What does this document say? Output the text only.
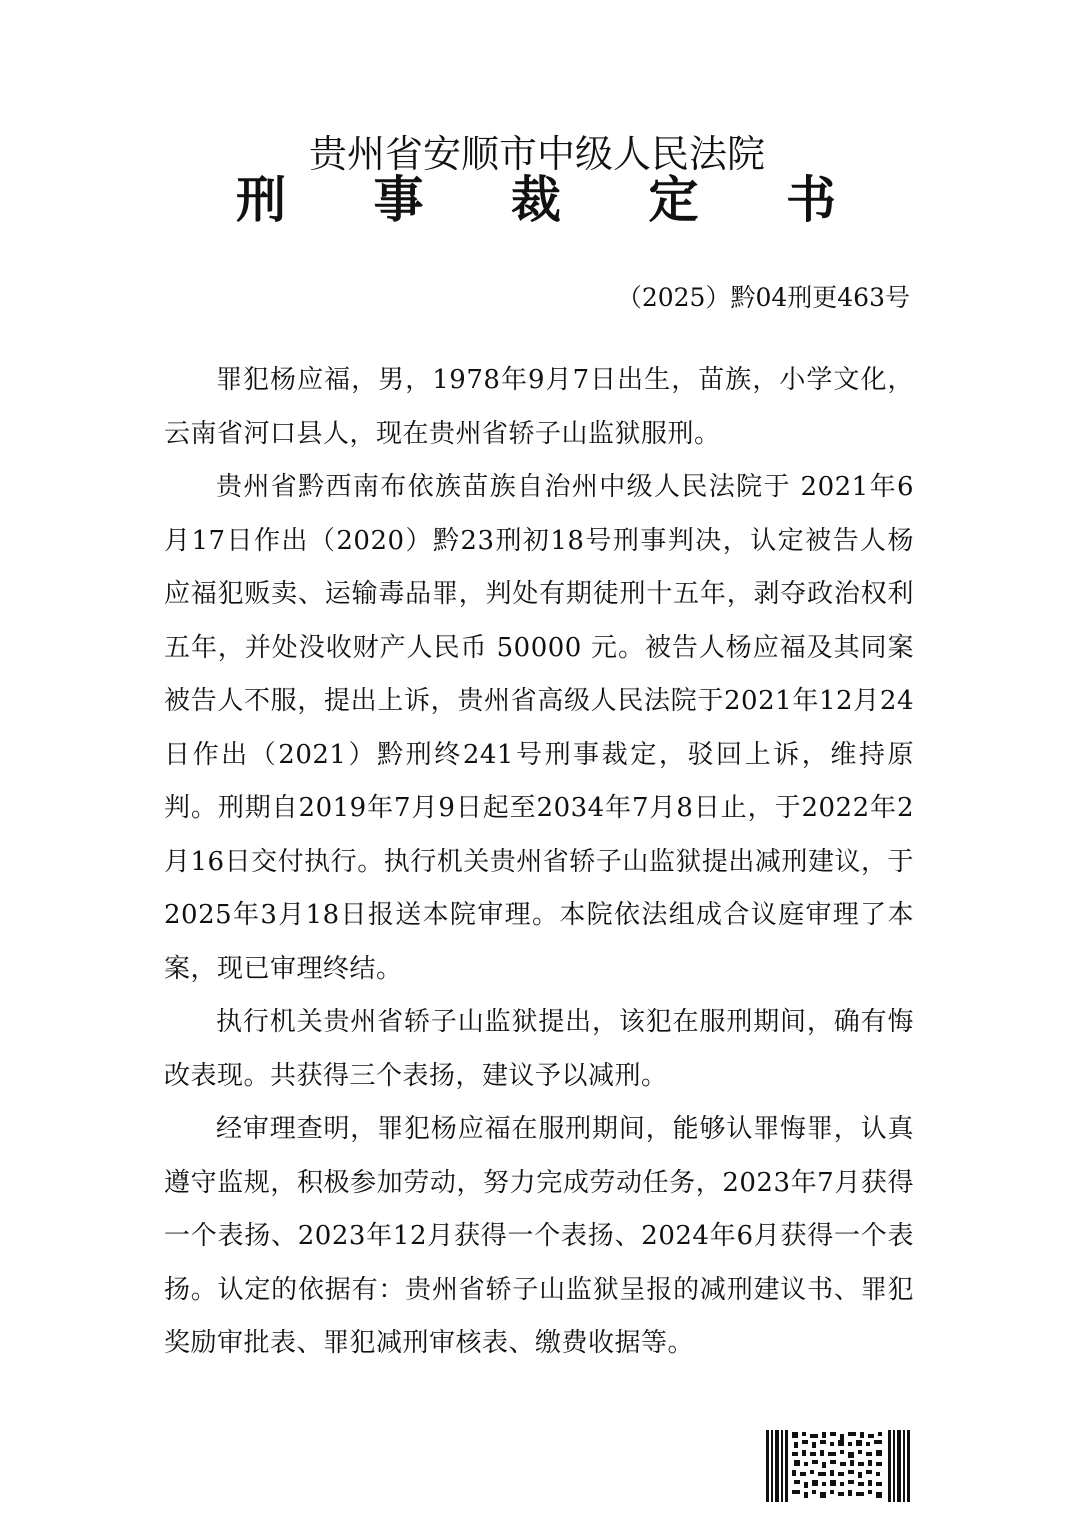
贵州省安顺市中级人民法院
刑 事 裁 定 书
（2025）黔04刑更463号

罪犯杨应福，男，1978年9月7日出生，苗族，小学文化，云南省河口县人，现在贵州省轿子山监狱服刑。

贵州省黔西南布依族苗族自治州中级人民法院于 2021年6月17日作出（2020）黔23刑初18号刑事判决，认定被告人杨应福犯贩卖、运输毒品罪，判处有期徒刑十五年，剥夺政治权利五年，并处没收财产人民币 50000 元。被告人杨应福及其同案被告人不服，提出上诉，贵州省高级人民法院于2021年12月24日作出（2021）黔刑终241号刑事裁定，驳回上诉，维持原判。刑期自2019年7月9日起至2034年7月8日止，于2022年2月16日交付执行。执行机关贵州省轿子山监狱提出减刑建议，于2025年3月18日报送本院审理。本院依法组成合议庭审理了本案，现已审理终结。

执行机关贵州省轿子山监狱提出，该犯在服刑期间，确有悔改表现。共获得三个表扬，建议予以减刑。

经审理查明，罪犯杨应福在服刑期间，能够认罪悔罪，认真遵守监规，积极参加劳动，努力完成劳动任务，2023年7月获得一个表扬、2023年12月获得一个表扬、2024年6月获得一个表扬。认定的依据有：贵州省轿子山监狱呈报的减刑建议书、罪犯奖励审批表、罪犯减刑审核表、缴费收据等。
